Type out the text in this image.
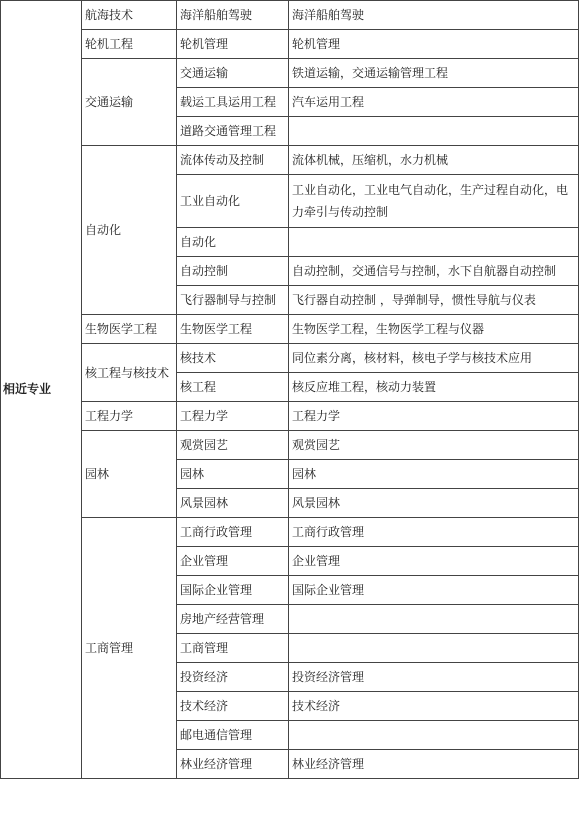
相近专业	航海技术	海洋船舶驾驶	海洋船舶驾驶
	轮机工程	轮机管理	轮机管理
	交通运输	交通运输	铁道运输，交通运输管理工程
		载运工具运用工程	汽车运用工程
		道路交通管理工程	
	自动化	流体传动及控制	流体机械，压缩机，水力机械
		工业自动化	工业自动化，工业电气自动化，生产过程自动化，电力牵引与传动控制
		自动化	
		自动控制	自动控制，交通信号与控制，水下自航器自动控制
		飞行器制导与控制	飞行器自动控制 ，导弹制导，惯性导航与仪表
	生物医学工程	生物医学工程	生物医学工程，生物医学工程与仪器
	核工程与核技术	核技术	同位素分离，核材料，核电子学与核技术应用
		核工程	核反应堆工程，核动力装置
	工程力学	工程力学	工程力学
	园林	观赏园艺	观赏园艺
		园林	园林
		风景园林	风景园林
	工商管理	工商行政管理	工商行政管理
		企业管理	企业管理
		国际企业管理	国际企业管理
		房地产经营管理	
		工商管理	
		投资经济	投资经济管理
		技术经济	技术经济
		邮电通信管理	
		林业经济管理	林业经济管理
